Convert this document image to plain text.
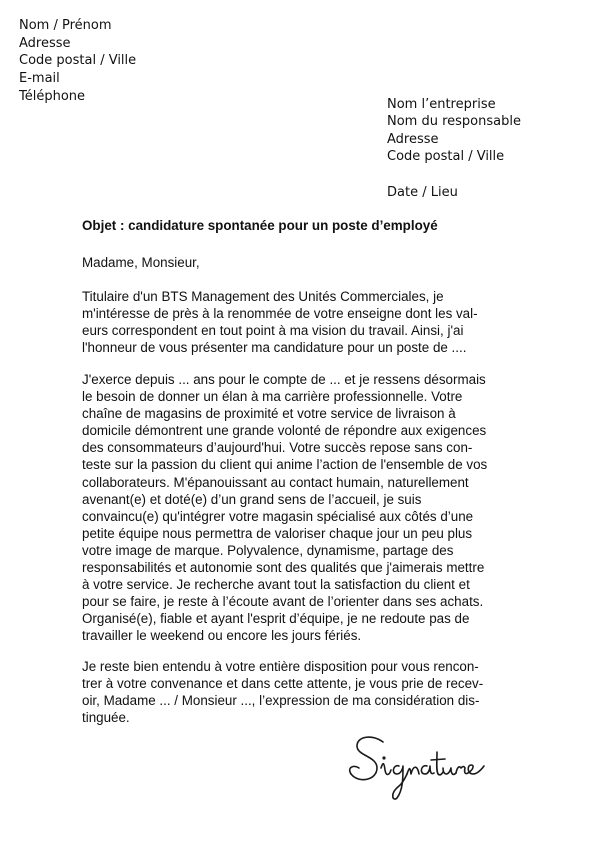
Nom / Prénom
Adresse
Code postal / Ville
E-mail
Téléphone
Nom l’entreprise
Nom du responsable
Adresse
Code postal / Ville
Date / Lieu
Objet : candidature spontanée pour un poste d’employé
Madame, Monsieur,
Titulaire d'un BTS Management des Unités Commerciales, je
m'intéresse de près à la renommée de votre enseigne dont les val-
eurs correspondent en tout point à ma vision du travail. Ainsi, j'ai
l'honneur de vous présenter ma candidature pour un poste de ....
J'exerce depuis ... ans pour le compte de ... et je ressens désormais
le besoin de donner un élan à ma carrière professionnelle. Votre
chaîne de magasins de proximité et votre service de livraison à
domicile démontrent une grande volonté de répondre aux exigences
des consommateurs d’aujourd'hui. Votre succès repose sans con-
teste sur la passion du client qui anime l’action de l'ensemble de vos
collaborateurs. M'épanouissant au contact humain, naturellement
avenant(e) et doté(e) d’un grand sens de l’accueil, je suis
convaincu(e) qu'intégrer votre magasin spécialisé aux côtés d’une
petite équipe nous permettra de valoriser chaque jour un peu plus
votre image de marque. Polyvalence, dynamisme, partage des
responsabilités et autonomie sont des qualités que j'aimerais mettre
à votre service. Je recherche avant tout la satisfaction du client et
pour se faire, je reste à l’écoute avant de l’orienter dans ses achats.
Organisé(e), fiable et ayant l'esprit d’équipe, je ne redoute pas de
travailler le weekend ou encore les jours fériés.
Je reste bien entendu à votre entière disposition pour vous rencon-
trer à votre convenance et dans cette attente, je vous prie de recev-
oir, Madame ... / Monsieur ..., l’expression de ma considération dis-
tinguée.
